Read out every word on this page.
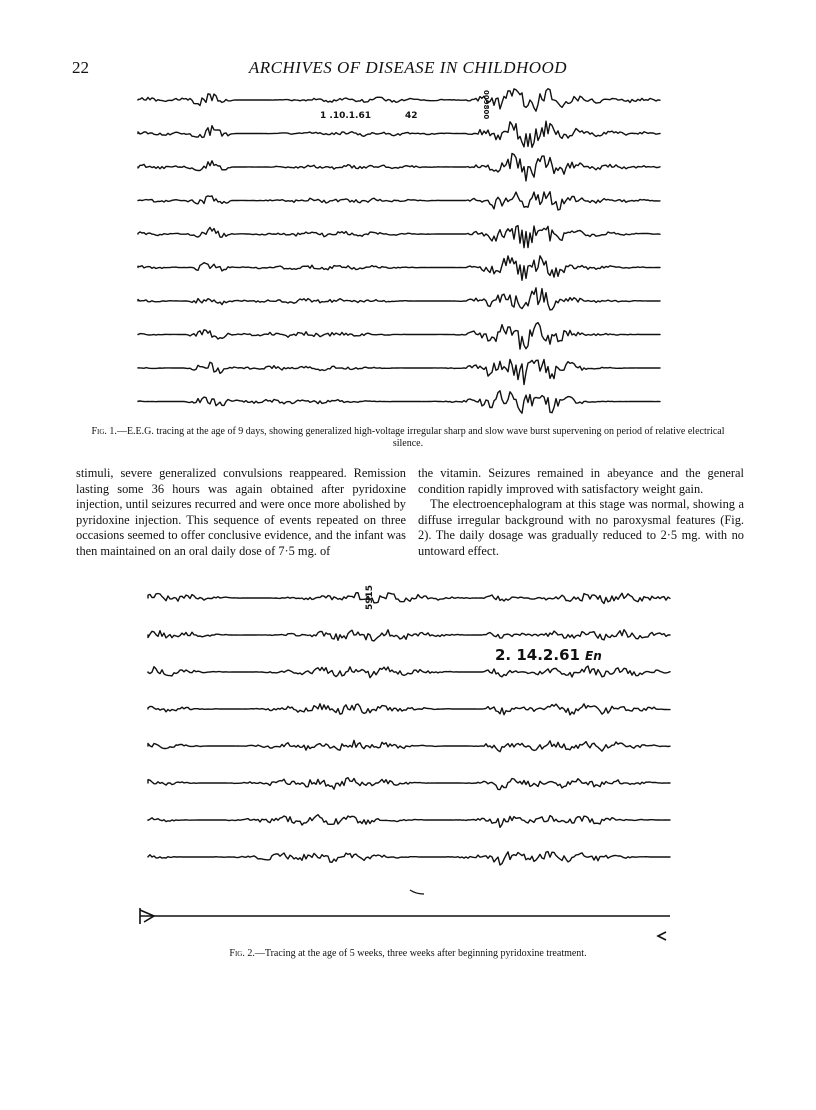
22	ARCHIVES OF DISEASE IN CHILDHOOD
1 .10.1.61	42	009800
Fig. 1.—E.E.G. tracing at the age of 9 days, showing generalized high-voltage irregular sharp and slow wave burst supervening on period of relative electrical silence.

stimuli, severe generalized convulsions reappeared. Remission lasting some 36 hours was again obtained after pyridoxine injection, until seizures recurred and were once more abolished by pyridoxine injection. This sequence of events repeated on three occasions seemed to offer conclusive evidence, and the infant was then maintained on an oral daily dose of 7·5 mg. of

the vitamin. Seizures remained in abeyance and the general condition rapidly improved with satisfactory weight gain.

The electroencephalogram at this stage was normal, showing a diffuse irregular background with no paroxysmal features (Fig. 2). The daily dosage was gradually reduced to 2·5 mg. with no untoward effect.

5915
2. 14.2.61 En
Fig. 2.—Tracing at the age of 5 weeks, three weeks after beginning pyridoxine treatment.
